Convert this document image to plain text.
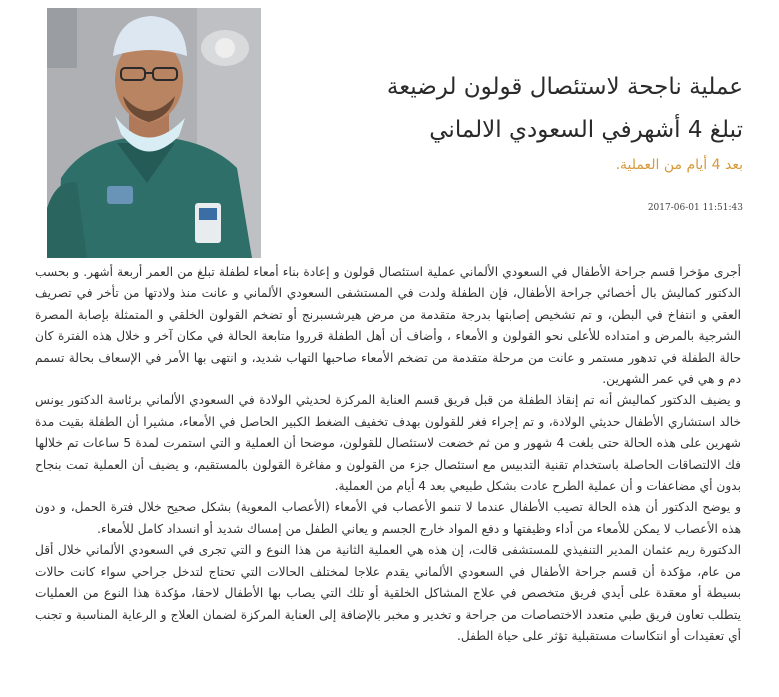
عملية ناجحة لاستئصال قولون لرضيعة
تبلغ 4 أشهرفي السعودي الالماني
بعد 4 أيام من العملية.
2017-06-01 11:51:43

أجرى مؤخرا قسم جراحة الأطفال في السعودي الألماني عملية استئصال قولون و إعادة بناء أمعاء لطفلة تبلغ من العمر أربعة أشهر. و بحسب الدكتور كماليش بال أخصائي جراحة الأطفال، فإن الطفلة ولدت في المستشفى السعودي الألماني و عانت منذ ولادتها من تأخر في تصريف العقي و انتفاخ في البطن، و تم تشخيص إصابتها بدرجة متقدمة من مرض هيرشسبرنج أو تضخم القولون الخلقي و المتمثلة بإصابة المصرة الشرجية بالمرض و امتداده للأعلى نحو القولون و الأمعاء ، وأضاف أن أهل الطفلة قرروا متابعة الحالة في مكان آخر و خلال هذه الفترة كان حالة الطفلة في تدهور مستمر و عانت من مرحلة متقدمة من تضخم الأمعاء صاحبها التهاب شديد، و انتهى بها الأمر في الإسعاف بحالة تسمم دم و هي في عمر الشهرين.

و يضيف الدكتور كماليش أنه تم إنقاذ الطفلة من قبل فريق قسم العناية المركزة لحديثي الولادة في السعودي الألماني برئاسة الدكتور يونس خالد استشاري الأطفال حديثي الولادة، و تم إجراء فغر للقولون بهدف تخفيف الضغط الكبير الحاصل في الأمعاء، مشيرا أن الطفلة بقيت مدة شهرين على هذه الحالة حتى بلغت 4 شهور و من ثم خضعت لاستئصال للقولون، موضحا أن العملية و التي استمرت لمدة 5 ساعات تم خلالها فك الالتصاقات الحاصلة باستخدام تقنية التدبيس مع استئصال جزء من القولون و مفاغرة القولون بالمستقيم، و يضيف أن العملية تمت بنجاح بدون أي مضاعفات و أن عملية الطرح عادت بشكل طبيعي بعد 4 أيام من العملية.

و يوضح الدكتور أن هذه الحالة تصيب الأطفال عندما لا تنمو الأعصاب في الأمعاء (الأعصاب المعوية) بشكل صحيح خلال فترة الحمل، و دون هذه الأعصاب لا يمكن للأمعاء من أداء وظيفتها و دفع المواد خارج الجسم و يعاني الطفل من إمساك شديد أو انسداد كامل للأمعاء.

الدكتورة ريم عثمان المدير التنفيذي للمستشفى قالت، إن هذه هي العملية الثانية من هذا النوع و التي تجرى في السعودي الألماني خلال أقل من عام، مؤكدة أن قسم جراحة الأطفال في السعودي الألماني يقدم علاجا لمختلف الحالات التي تحتاج لتدخل جراحي سواء كانت حالات بسيطة أو معقدة على أيدي فريق متخصص في علاج المشاكل الخلقية أو تلك التي يصاب بها الأطفال لاحقا، مؤكدة هذا النوع من العمليات يتطلب تعاون فريق طبي متعدد الاختصاصات من جراحة و تخدير و مخبر بالإضافة إلى العناية المركزة لضمان العلاج و الرعاية المناسبة و تجنب أي تعقيدات أو انتكاسات مستقبلية تؤثر على حياة الطفل.
